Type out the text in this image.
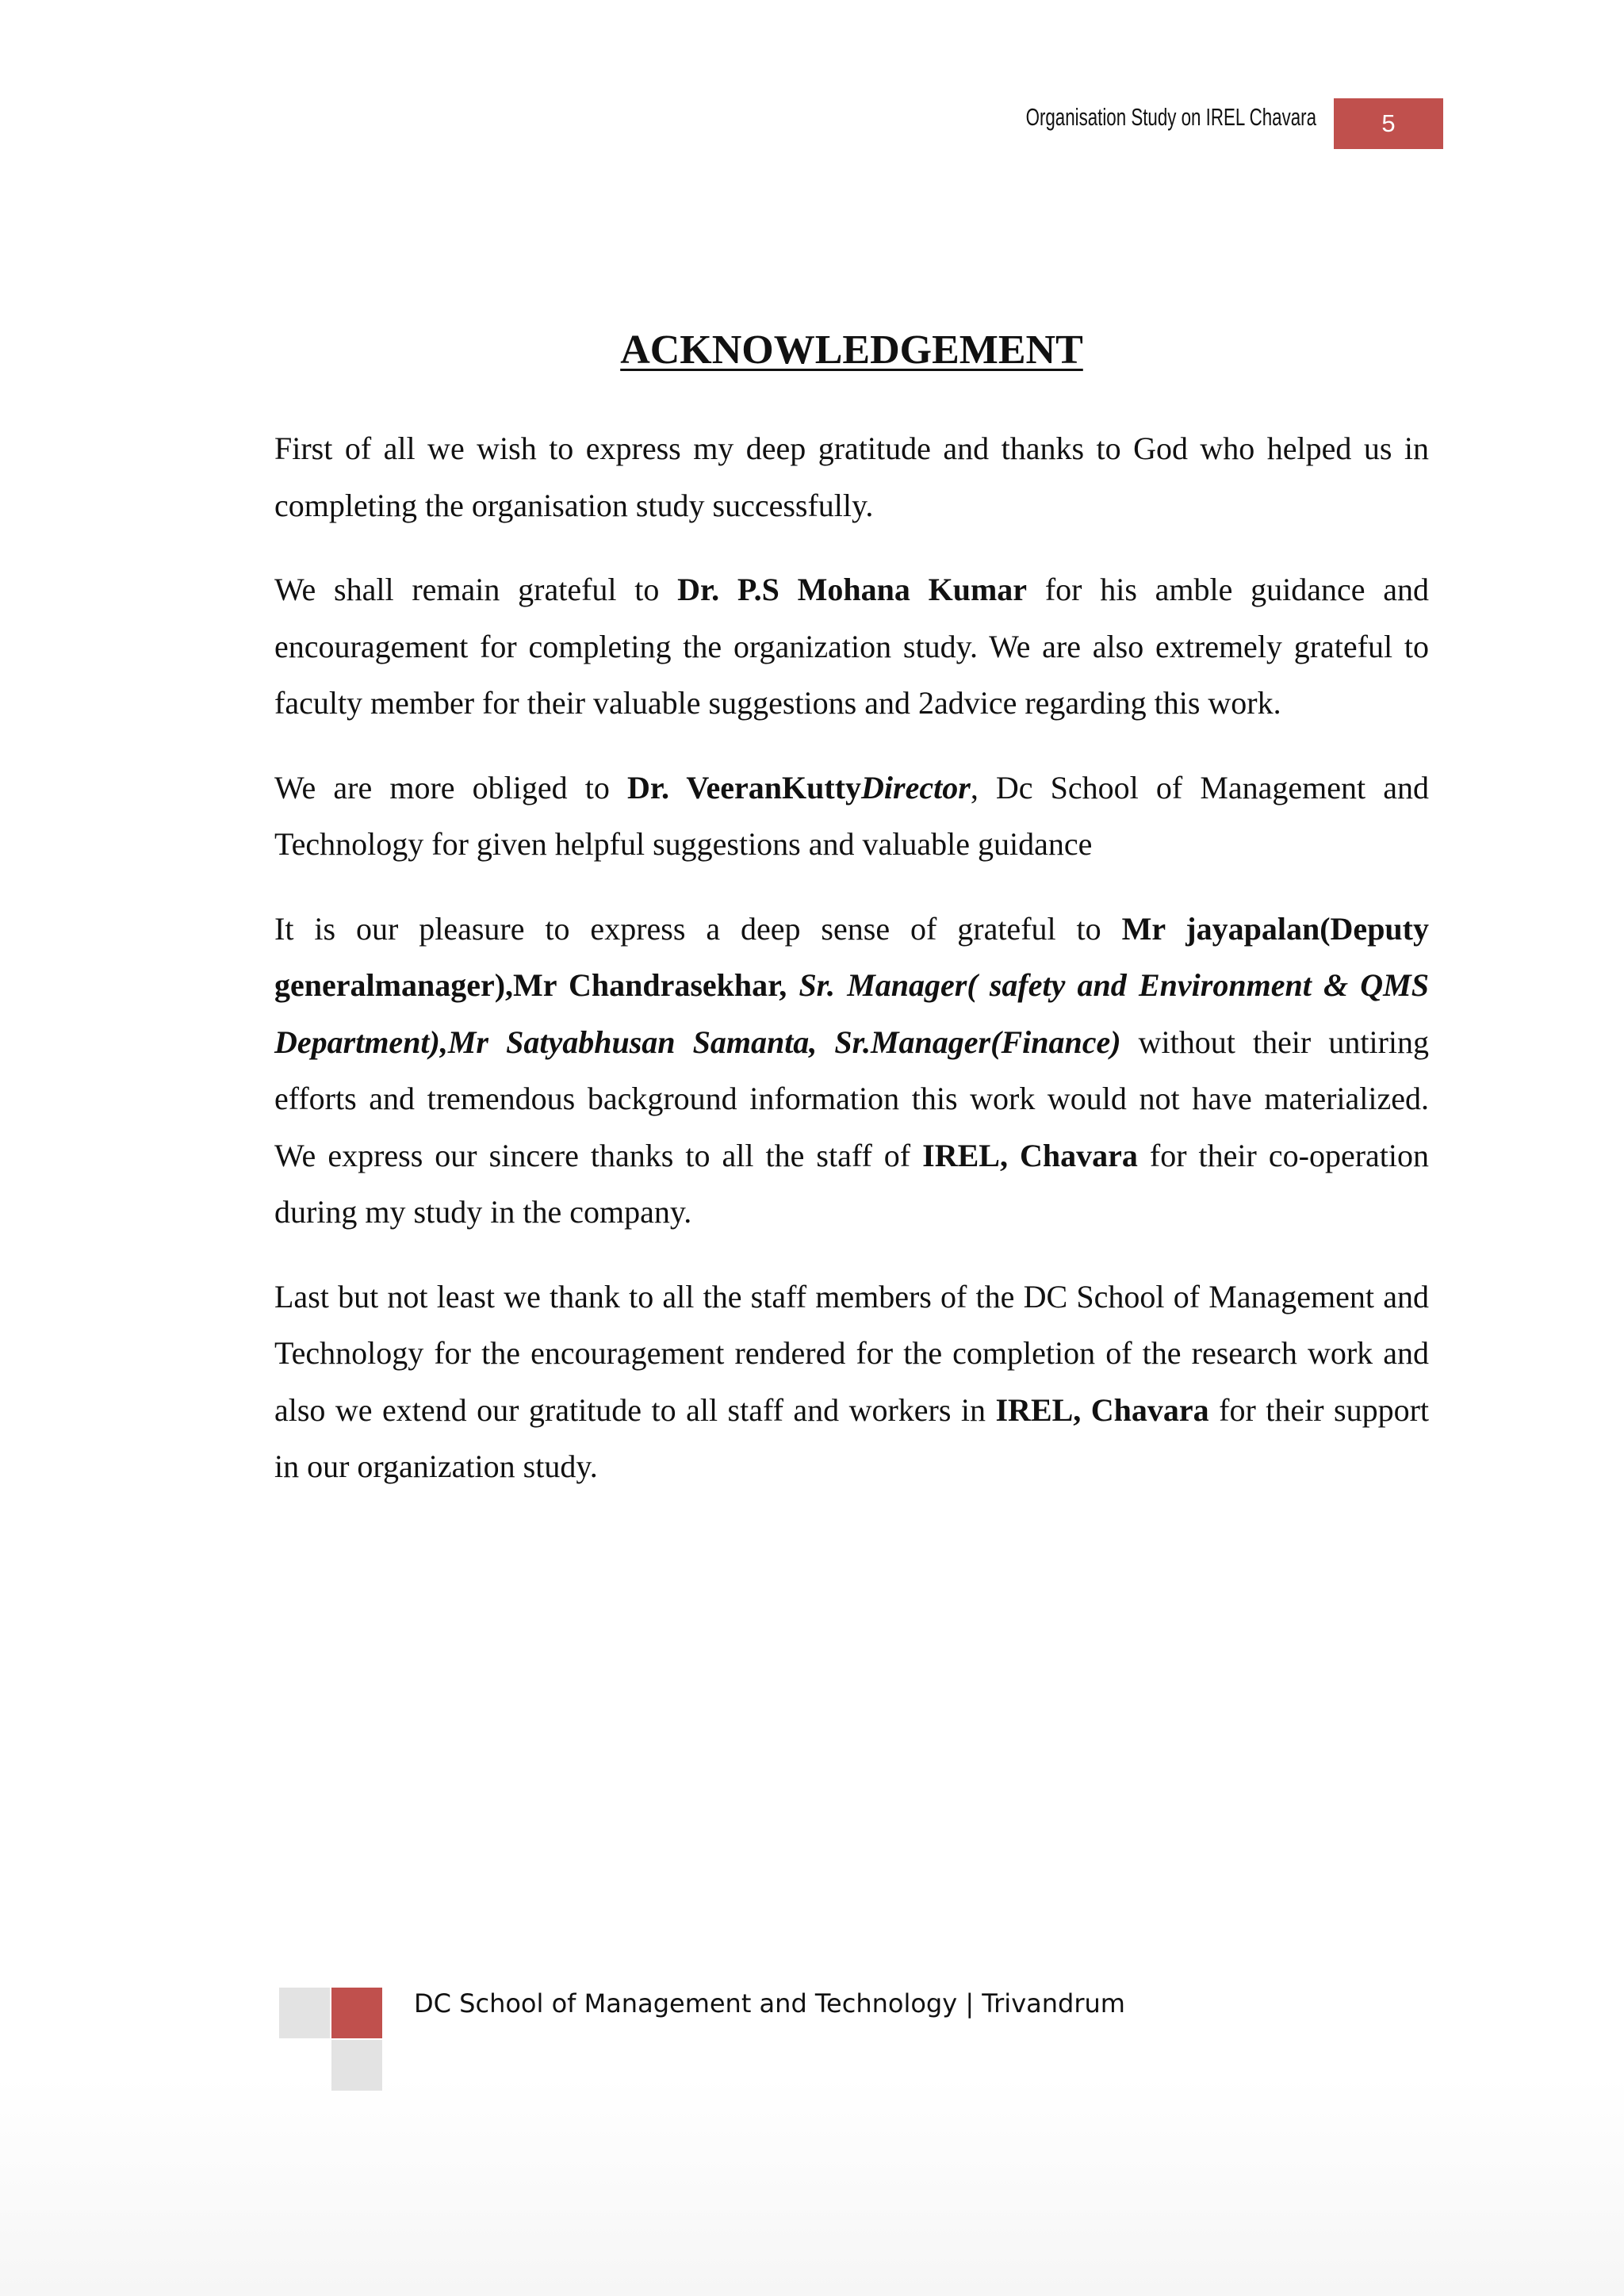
Organisation Study on IREL Chavara	5
ACKNOWLEDGEMENT

First of all we wish to express my deep gratitude and thanks to God who helped us in completing the organisation study successfully.

We shall remain grateful to Dr. P.S Mohana Kumar for his amble guidance and encouragement for completing the organization study. We are also extremely grateful to faculty member for their valuable suggestions and 2advice regarding this work.

We are more obliged to Dr. VeeranKuttyDirector, Dc School of Management and Technology for given helpful suggestions and valuable guidance

It is our pleasure to express a deep sense of grateful to Mr jayapalan(Deputy generalmanager),Mr Chandrasekhar, Sr. Manager( safety and Environment & QMS Department),Mr Satyabhusan Samanta, Sr.Manager(Finance) without their untiring efforts and tremendous background information this work would not have materialized. We express our sincere thanks to all the staff of IREL, Chavara for their co-operation during my study in the company.

Last but not least we thank to all the staff members of the DC School of Management and Technology for the encouragement rendered for the completion of the research work and also we extend our gratitude to all staff and workers in IREL, Chavara for their support in our organization study.

DC School of Management and Technology | Trivandrum
